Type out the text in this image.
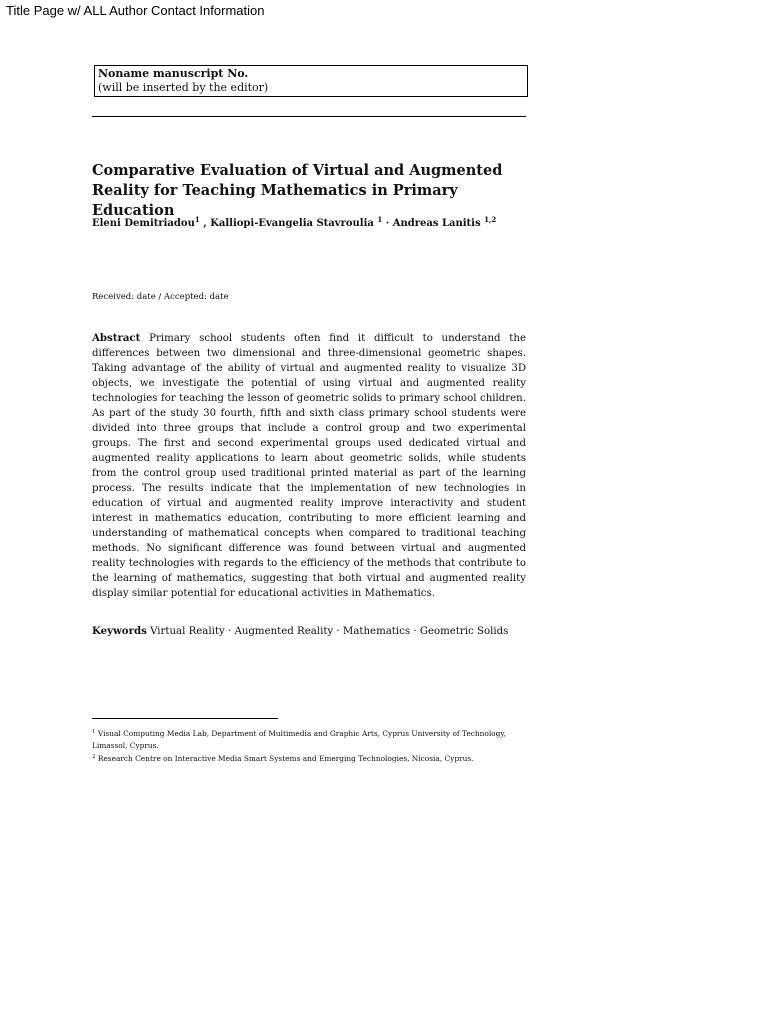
Title Page w/ ALL Author Contact Information
Noname manuscript No.
(will be inserted by the editor)
Comparative Evaluation of Virtual and Augmented Reality for Teaching Mathematics in Primary Education
Eleni Demitriadou$^1$ , Kalliopi-Evangelia Stavroulia $^1$ · Andreas Lanitis $^{1,2}$
Received: date / Accepted: date

Abstract Primary school students often find it difficult to understand the differences between two dimensional and three-dimensional geometric shapes. Taking advantage of the ability of virtual and augmented reality to visualize 3D objects, we investigate the potential of using virtual and augmented reality technologies for teaching the lesson of geometric solids to primary school children. As part of the study 30 fourth, fifth and sixth class primary school students were divided into three groups that include a control group and two experimental groups. The first and second experimental groups used dedicated virtual and augmented reality applications to learn about geometric solids, while students from the control group used traditional printed material as part of the learning process. The results indicate that the implementation of new technologies in education of virtual and augmented reality improve interactivity and student interest in mathematics education, contributing to more efficient learning and understanding of mathematical concepts when compared to traditional teaching methods. No significant difference was found between virtual and augmented reality technologies with regards to the efficiency of the methods that contribute to the learning of mathematics, suggesting that both virtual and augmented reality display similar potential for educational activities in Mathematics.

Keywords Virtual Reality · Augmented Reality · Mathematics · Geometric Solids

$^1$ Visual Computing Media Lab, Department of Multimedia and Graphic Arts, Cyprus University of Technology, Limassol, Cyprus.

$^2$ Research Centre on Interactive Media Smart Systems and Emerging Technologies, Nicosia, Cyprus.
